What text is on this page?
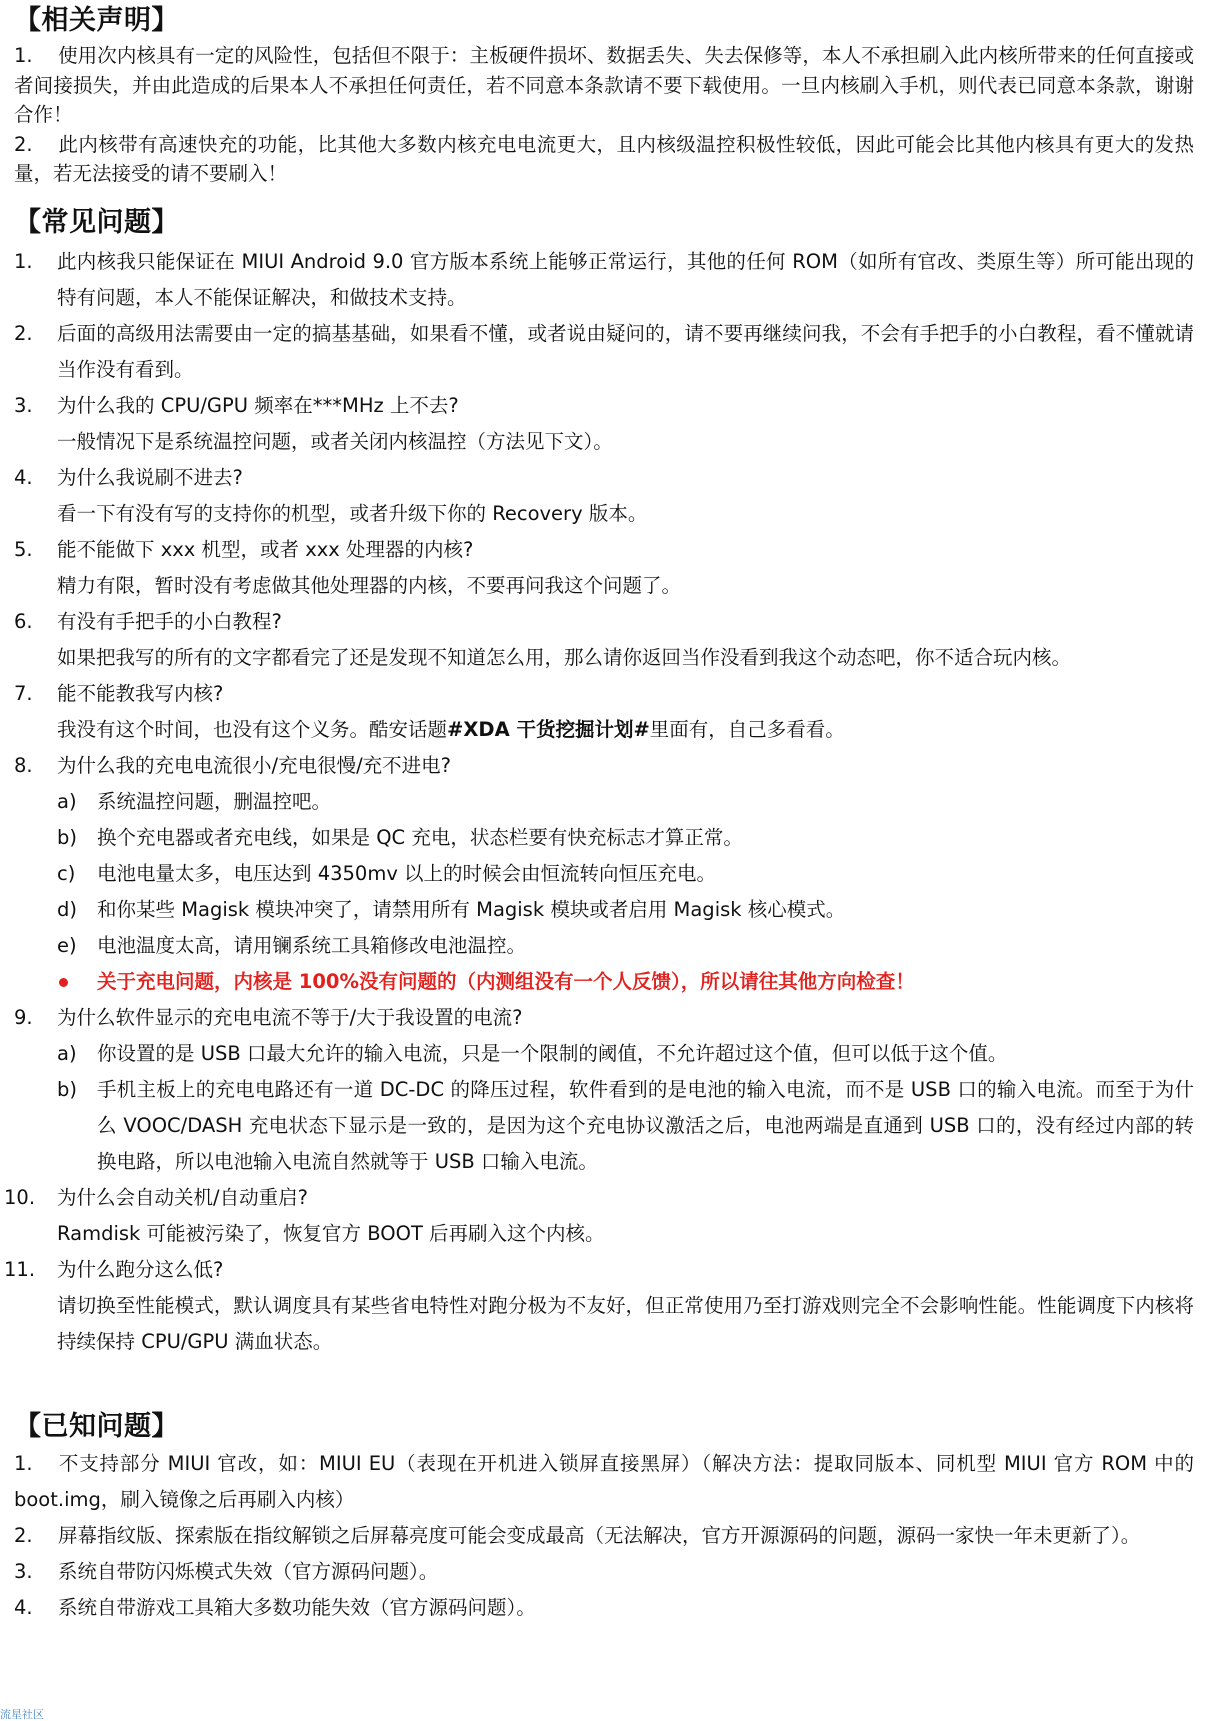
【相关声明】

1. 使用次内核具有一定的风险性，包括但不限于：主板硬件损坏、数据丢失、失去保修等，本人不承担刷入此内核所带来的任何直接或者间接损失，并由此造成的后果本人不承担任何责任，若不同意本条款请不要下载使用。一旦内核刷入手机，则代表已同意本条款，谢谢合作！

2. 此内核带有高速快充的功能，比其他大多数内核充电电流更大，且内核级温控积极性较低，因此可能会比其他内核具有更大的发热量，若无法接受的请不要刷入！

【常见问题】
1. 此内核我只能保证在 MIUI Android 9.0 官方版本系统上能够正常运行，其他的任何 ROM（如所有官改、类原生等）所可能出现的特有问题，本人不能保证解决，和做技术支持。
2. 后面的高级用法需要由一定的搞基基础，如果看不懂，或者说由疑问的，请不要再继续问我，不会有手把手的小白教程，看不懂就请当作没有看到。
3. 为什么我的 CPU/GPU 频率在***MHz 上不去?
一般情况下是系统温控问题，或者关闭内核温控（方法见下文）。
4. 为什么我说刷不进去?
看一下有没有写的支持你的机型，或者升级下你的 Recovery 版本。
5. 能不能做下 xxx 机型，或者 xxx 处理器的内核?
精力有限，暂时没有考虑做其他处理器的内核，不要再问我这个问题了。
6. 有没有手把手的小白教程?
如果把我写的所有的文字都看完了还是发现不知道怎么用，那么请你返回当作没看到我这个动态吧，你不适合玩内核。
7. 能不能教我写内核?
我没有这个时间，也没有这个义务。酷安话题#XDA 干货挖掘计划#里面有，自己多看看。
8. 为什么我的充电电流很小/充电很慢/充不进电?
a) 系统温控问题，删温控吧。
b) 换个充电器或者充电线，如果是 QC 充电，状态栏要有快充标志才算正常。
c) 电池电量太多，电压达到 4350mv 以上的时候会由恒流转向恒压充电。
d) 和你某些 Magisk 模块冲突了，请禁用所有 Magisk 模块或者启用 Magisk 核心模式。
e) 电池温度太高，请用镧系统工具箱修改电池温控。
关于充电问题，内核是 100%没有问题的（内测组没有一个人反馈），所以请往其他方向检查！
9. 为什么软件显示的充电电流不等于/大于我设置的电流?
a) 你设置的是 USB 口最大允许的输入电流，只是一个限制的阈值，不允许超过这个值，但可以低于这个值。
b) 手机主板上的充电电路还有一道 DC-DC 的降压过程，软件看到的是电池的输入电流，而不是 USB 口的输入电流。而至于为什么 VOOC/DASH 充电状态下显示是一致的，是因为这个充电协议激活之后，电池两端是直通到 USB 口的，没有经过内部的转换电路，所以电池输入电流自然就等于 USB 口输入电流。
10. 为什么会自动关机/自动重启?
Ramdisk 可能被污染了，恢复官方 BOOT 后再刷入这个内核。
11. 为什么跑分这么低?
请切换至性能模式，默认调度具有某些省电特性对跑分极为不友好，但正常使用乃至打游戏则完全不会影响性能。性能调度下内核将持续保持 CPU/GPU 满血状态。
【已知问题】

1. 不支持部分 MIUI 官改，如：MIUI EU（表现在开机进入锁屏直接黑屏）（解决方法：提取同版本、同机型 MIUI 官方 ROM 中的 boot.img，刷入镜像之后再刷入内核）

2. 屏幕指纹版、探索版在指纹解锁之后屏幕亮度可能会变成最高（无法解决，官方开源源码的问题，源码一家快一年未更新了）。

3. 系统自带防闪烁模式失效（官方源码问题）。

4. 系统自带游戏工具箱大多数功能失效（官方源码问题）。

流星社区
